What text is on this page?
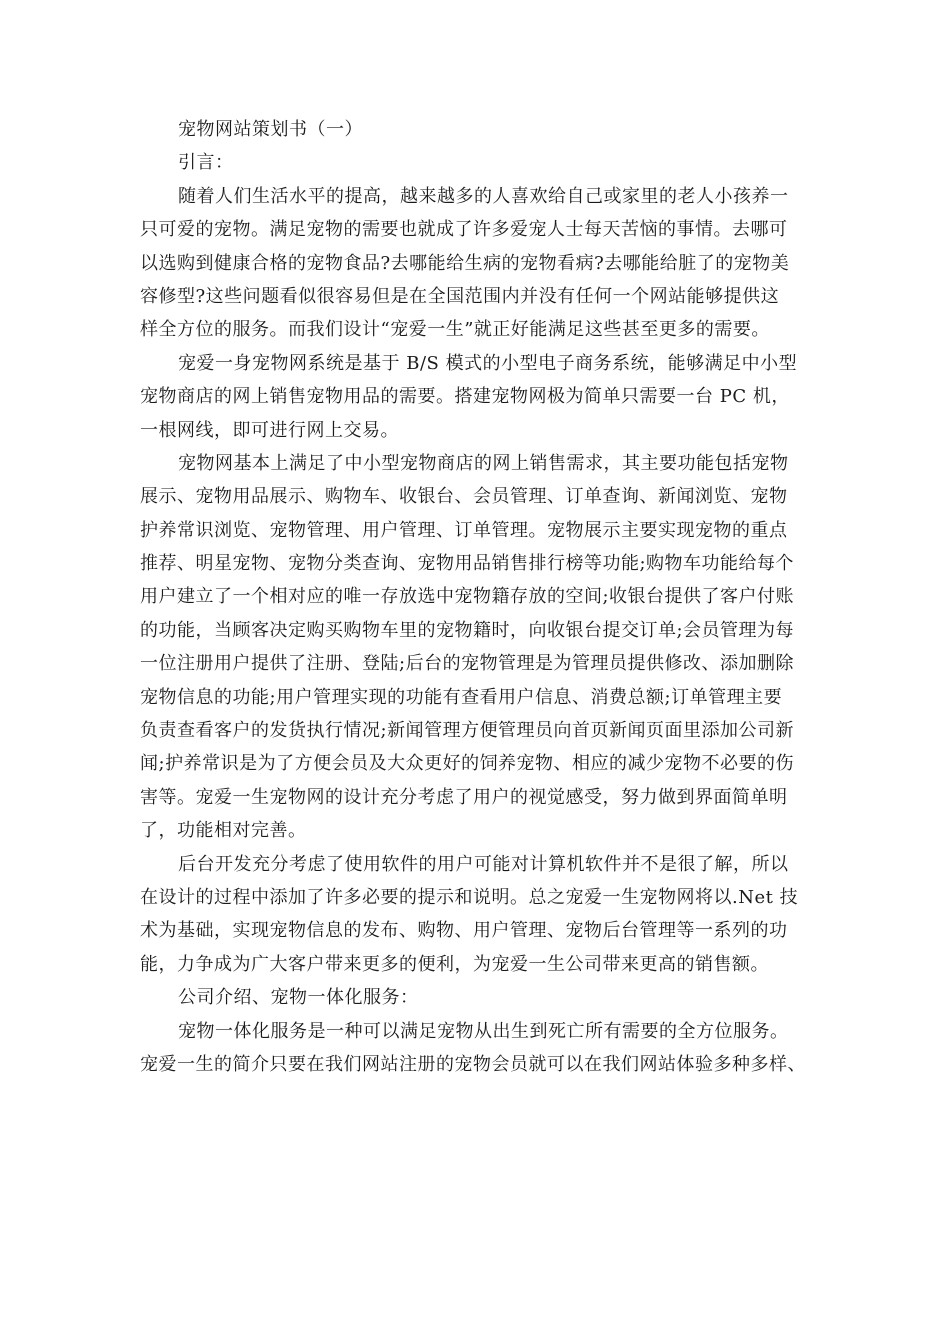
宠物网站策划书（一）
引言：
随着人们生活水平的提高，越来越多的人喜欢给自己或家里的老人小孩养一
只可爱的宠物。满足宠物的需要也就成了许多爱宠人士每天苦恼的事情。去哪可
以选购到健康合格的宠物食品?去哪能给生病的宠物看病?去哪能给脏了的宠物美
容修型?这些问题看似很容易但是在全国范围内并没有任何一个网站能够提供这
样全方位的服务。而我们设计“宠爱一生”就正好能满足这些甚至更多的需要。
宠爱一身宠物网系统是基于 B/S 模式的小型电子商务系统，能够满足中小型
宠物商店的网上销售宠物用品的需要。搭建宠物网极为简单只需要一台 PC 机，
一根网线，即可进行网上交易。
宠物网基本上满足了中小型宠物商店的网上销售需求，其主要功能包括宠物
展示、宠物用品展示、购物车、收银台、会员管理、订单查询、新闻浏览、宠物
护养常识浏览、宠物管理、用户管理、订单管理。宠物展示主要实现宠物的重点
推荐、明星宠物、宠物分类查询、宠物用品销售排行榜等功能;购物车功能给每个
用户建立了一个相对应的唯一存放选中宠物籍存放的空间;收银台提供了客户付账
的功能，当顾客决定购买购物车里的宠物籍时，向收银台提交订单;会员管理为每
一位注册用户提供了注册、登陆;后台的宠物管理是为管理员提供修改、添加删除
宠物信息的功能;用户管理实现的功能有查看用户信息、消费总额;订单管理主要
负责查看客户的发货执行情况;新闻管理方便管理员向首页新闻页面里添加公司新
闻;护养常识是为了方便会员及大众更好的饲养宠物、相应的减少宠物不必要的伤
害等。宠爱一生宠物网的设计充分考虑了用户的视觉感受，努力做到界面简单明
了，功能相对完善。
后台开发充分考虑了使用软件的用户可能对计算机软件并不是很了解，所以
在设计的过程中添加了许多必要的提示和说明。总之宠爱一生宠物网将以.Net 技
术为基础，实现宠物信息的发布、购物、用户管理、宠物后台管理等一系列的功
能，力争成为广大客户带来更多的便利，为宠爱一生公司带来更高的销售额。
公司介绍、宠物一体化服务：
宠物一体化服务是一种可以满足宠物从出生到死亡所有需要的全方位服务。
宠爱一生的简介只要在我们网站注册的宠物会员就可以在我们网站体验多种多样、
